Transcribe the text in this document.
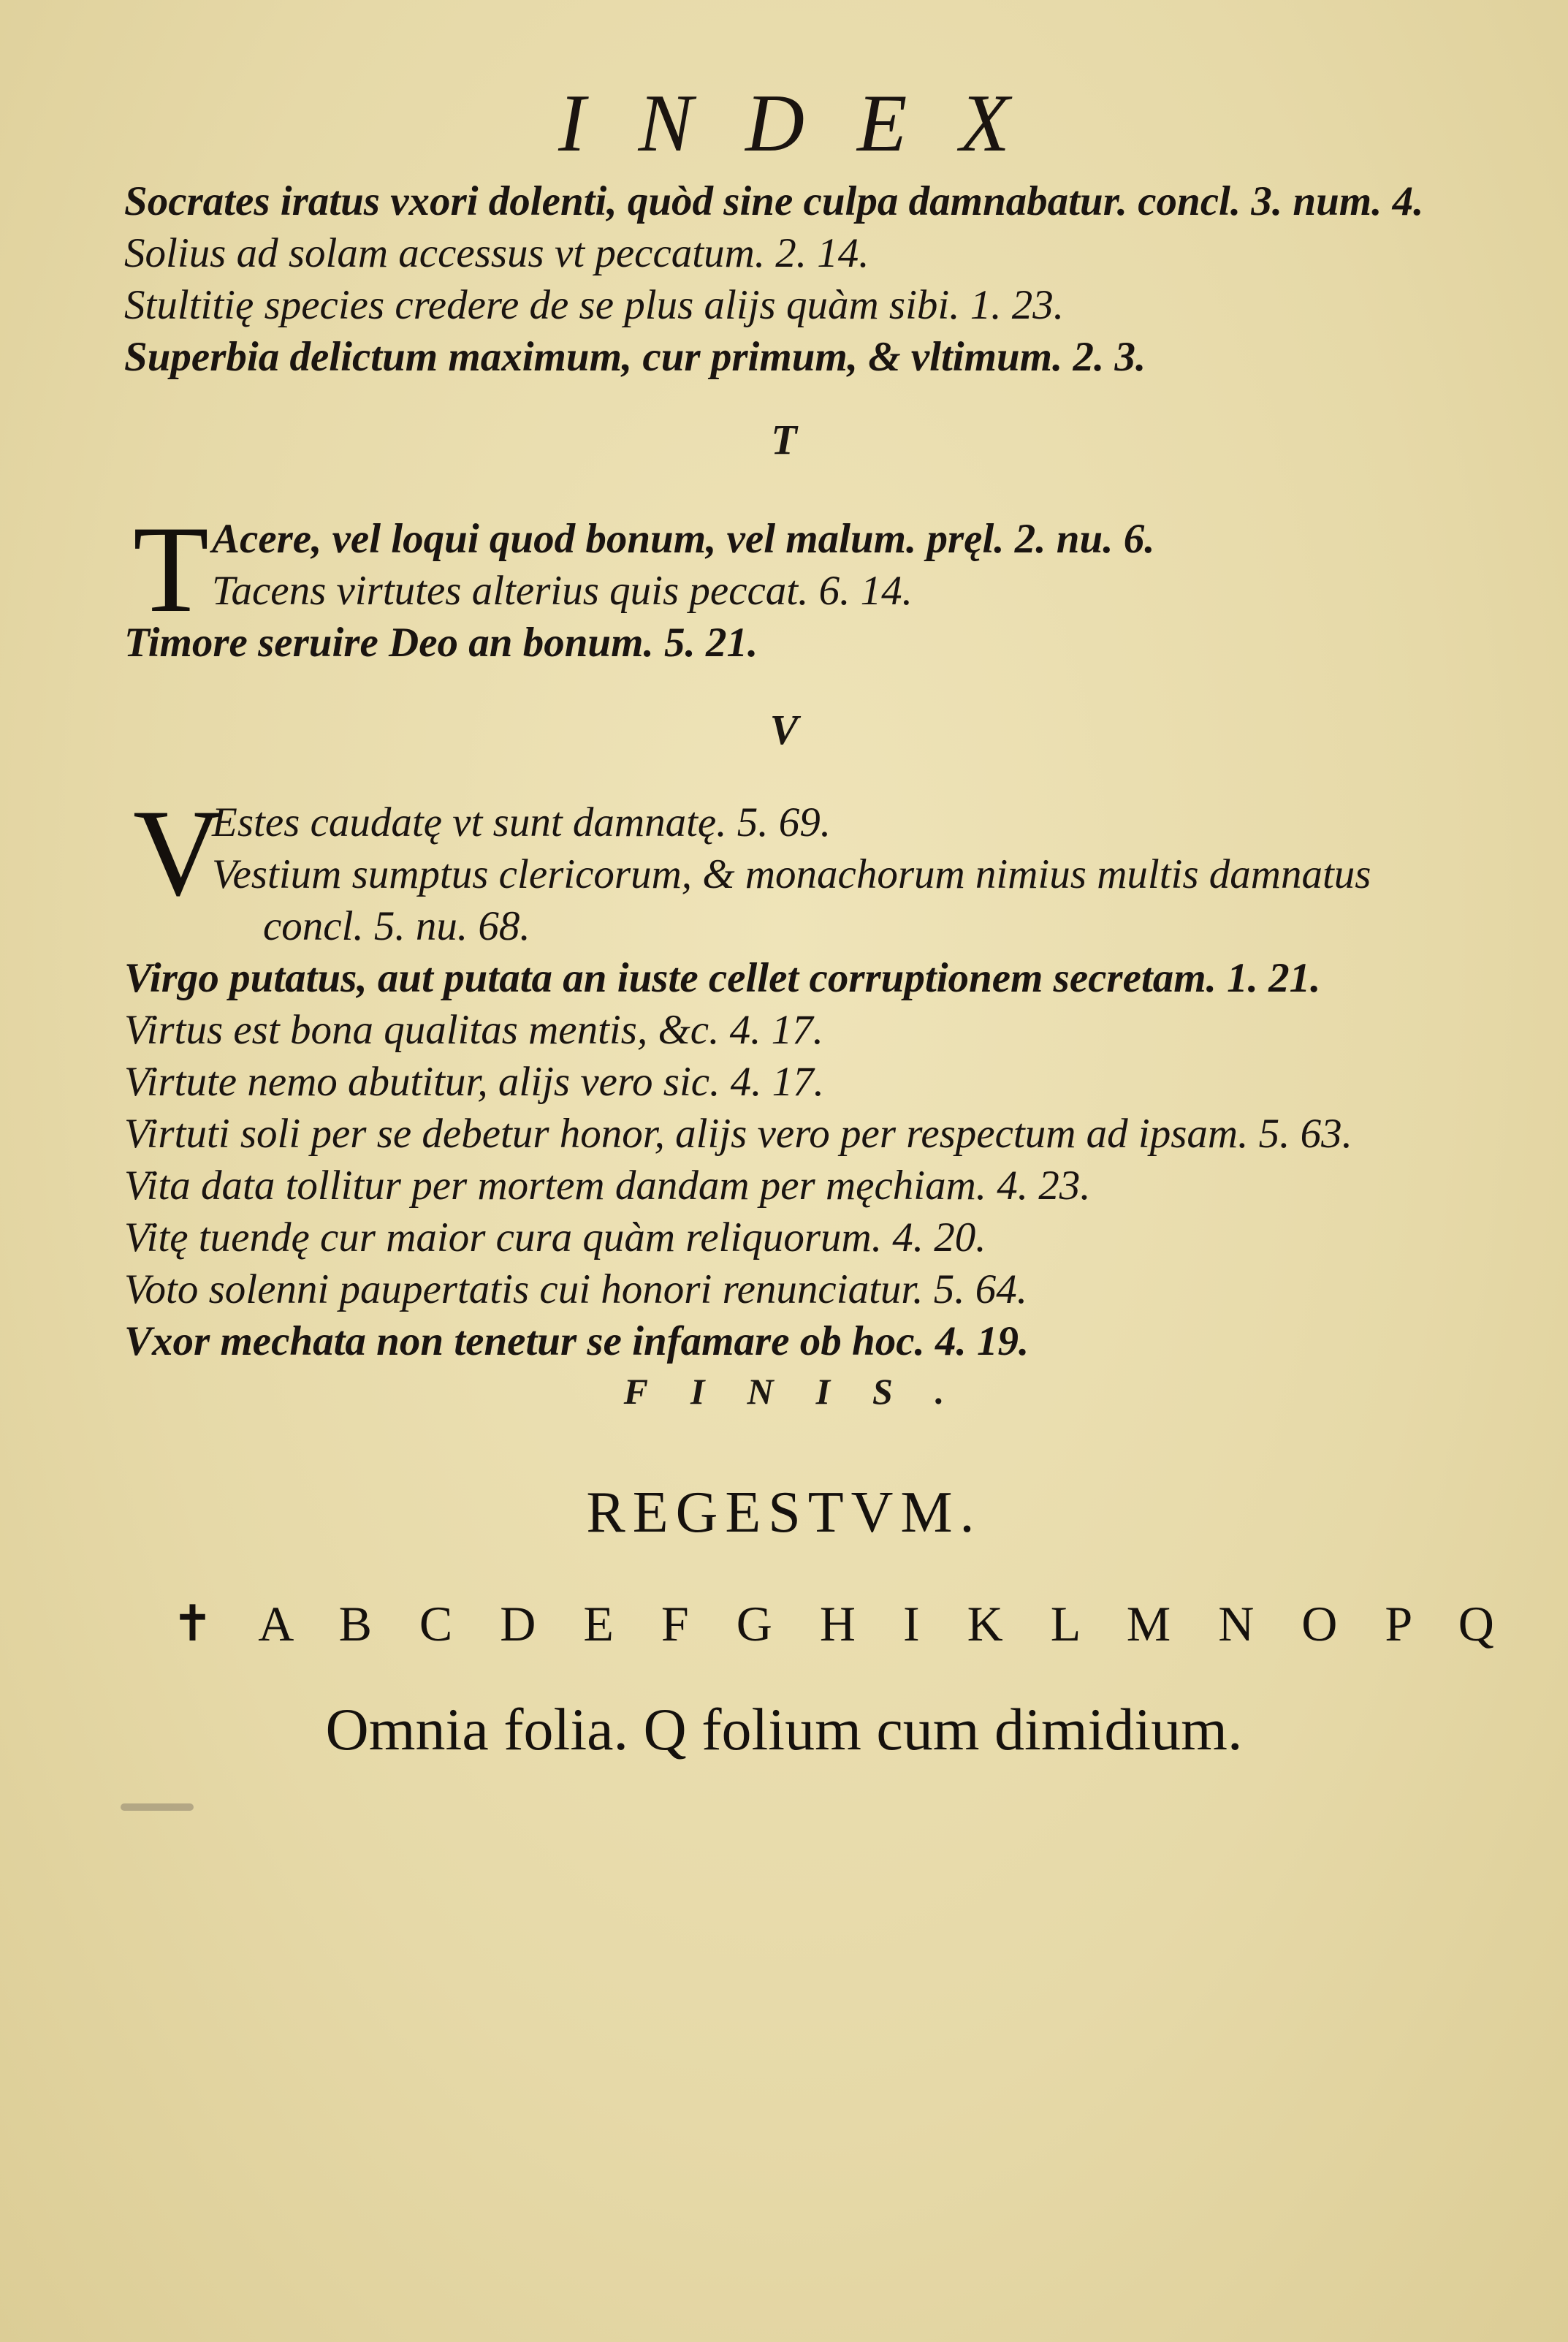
INDEX
Socrates iratus vxori dolenti, quòd sine culpa damnabatur. concl. 3. num. 4.
Solius ad solam accessus vt peccatum. 2. 14.
Stultitię species credere de se plus alijs quàm sibi. 1. 23.
Superbia delictum maximum, cur primum, & vltimum. 2. 3.
T
T Acere, vel loqui quod bonum, vel malum. pręl. 2. nu. 6.
Tacens virtutes alterius quis peccat. 6. 14.
Timore seruire Deo an bonum. 5. 21.
V
V
Estes caudatę vt sunt damnatę. 5. 69.
Vestium sumptus clericorum, & monachorum nimius multis damnatus
concl. 5. nu. 68.
Virgo putatus, aut putata an iuste cellet corruptionem secretam. 1. 21.
Virtus est bona qualitas mentis, &c. 4. 17.
Virtute nemo abutitur, alijs vero sic. 4. 17.
Virtuti soli per se debetur honor, alijs vero per respectum ad ipsam. 5. 63.
Vita data tollitur per mortem dandam per męchiam. 4. 23.
Vitę tuendę cur maior cura quàm reliquorum. 4. 20.
Voto solenni paupertatis cui honori renunciatur. 5. 64.
Vxor mechata non tenetur se infamare ob hoc. 4. 19.
FINIS.
REGESTVM.
✝ A B C D E F G H I K L M N O P Q
Omnia folia. Q folium cum dimidium.
